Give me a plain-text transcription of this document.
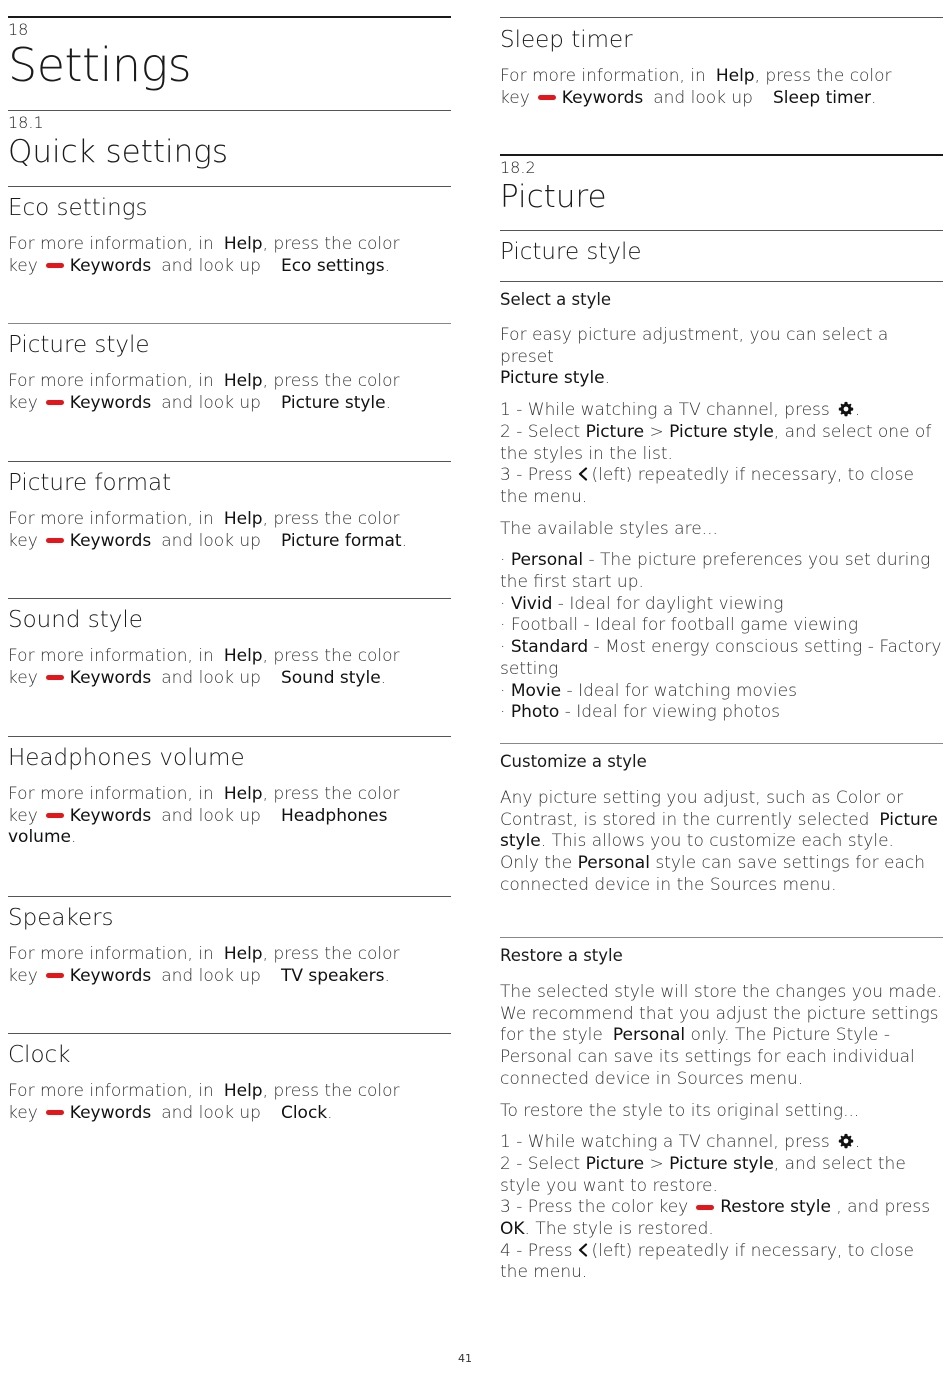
18
Settings
18.1
Quick settings
Eco settings
For more information, in Help, press the color
key Keywords and look up Eco settings.
Picture style
For more information, in Help, press the color
key Keywords and look up Picture style.
Picture format
For more information, in Help, press the color
key Keywords and look up Picture format.
Sound style
For more information, in Help, press the color
key Keywords and look up Sound style.
Headphones volume
For more information, in Help, press the color
key Keywords and look up Headphones
volume.
Speakers
For more information, in Help, press the color
key Keywords and look up TV speakers.
Clock
For more information, in Help, press the color
key Keywords and look up Clock.
Sleep timer
For more information, in Help, press the color
key Keywords and look up Sleep timer.
18.2
Picture
Picture style
Select a style
For easy picture adjustment, you can select a preset
Picture style.
1 - While watching a TV channel, press .
2 - Select Picture > Picture style, and select one of
the styles in the list.
3 - Press (left) repeatedly if necessary, to close
the menu.
The available styles are...
· Personal - The picture preferences you set during
the first start up.
· Vivid - Ideal for daylight viewing
· Football - Ideal for football game viewing
· Standard - Most energy conscious setting - Factory
setting
· Movie - Ideal for watching movies
· Photo - Ideal for viewing photos
Customize a style
Any picture setting you adjust, such as Color or
Contrast, is stored in the currently selected Picture
style. This allows you to customize each style.
Only the Personal style can save settings for each
connected device in the Sources menu.
Restore a style
The selected style will store the changes you made.
We recommend that you adjust the picture settings
for the style Personal only. The Picture Style -
Personal can save its settings for each individual
connected device in Sources menu.
To restore the style to its original setting...
1 - While watching a TV channel, press .
2 - Select Picture > Picture style, and select the
style you want to restore.
3 - Press the color key Restore style , and press
OK. The style is restored.
4 - Press (left) repeatedly if necessary, to close
the menu.
41
